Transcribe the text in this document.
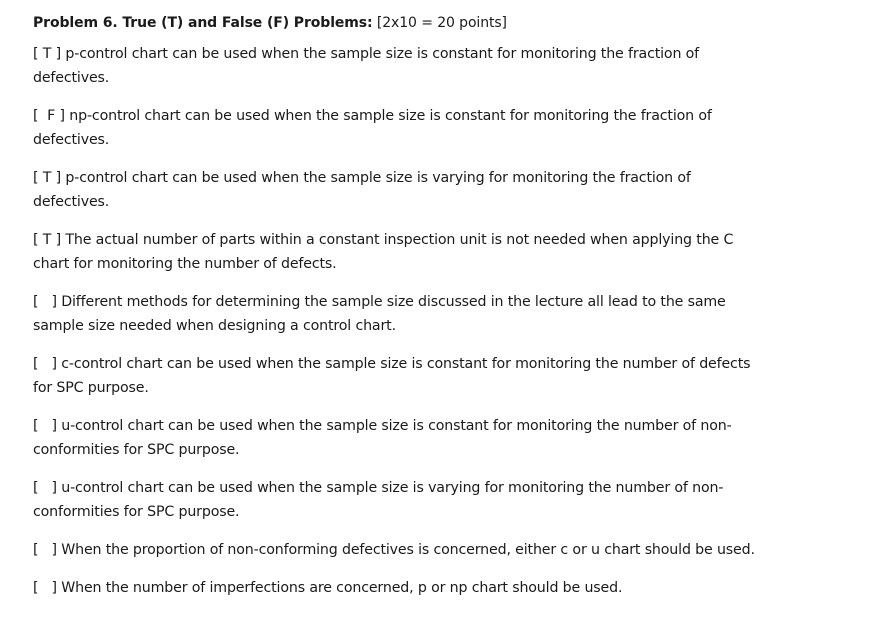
Problem 6. True (T) and False (F) Problems: [2x10 = 20 points]
[ T ] p-control chart can be used when the sample size is constant for monitoring the fraction of
defectives.
[  F ] np-control chart can be used when the sample size is constant for monitoring the fraction of
defectives.
[ T ] p-control chart can be used when the sample size is varying for monitoring the fraction of
defectives.
[ T ] The actual number of parts within a constant inspection unit is not needed when applying the C
chart for monitoring the number of defects.
[   ] Different methods for determining the sample size discussed in the lecture all lead to the same
sample size needed when designing a control chart.
[   ] c-control chart can be used when the sample size is constant for monitoring the number of defects
for SPC purpose.
[   ] u-control chart can be used when the sample size is constant for monitoring the number of non-
conformities for SPC purpose.
[   ] u-control chart can be used when the sample size is varying for monitoring the number of non-
conformities for SPC purpose.
[   ] When the proportion of non-conforming defectives is concerned, either c or u chart should be used.
[   ] When the number of imperfections are concerned, p or np chart should be used.
